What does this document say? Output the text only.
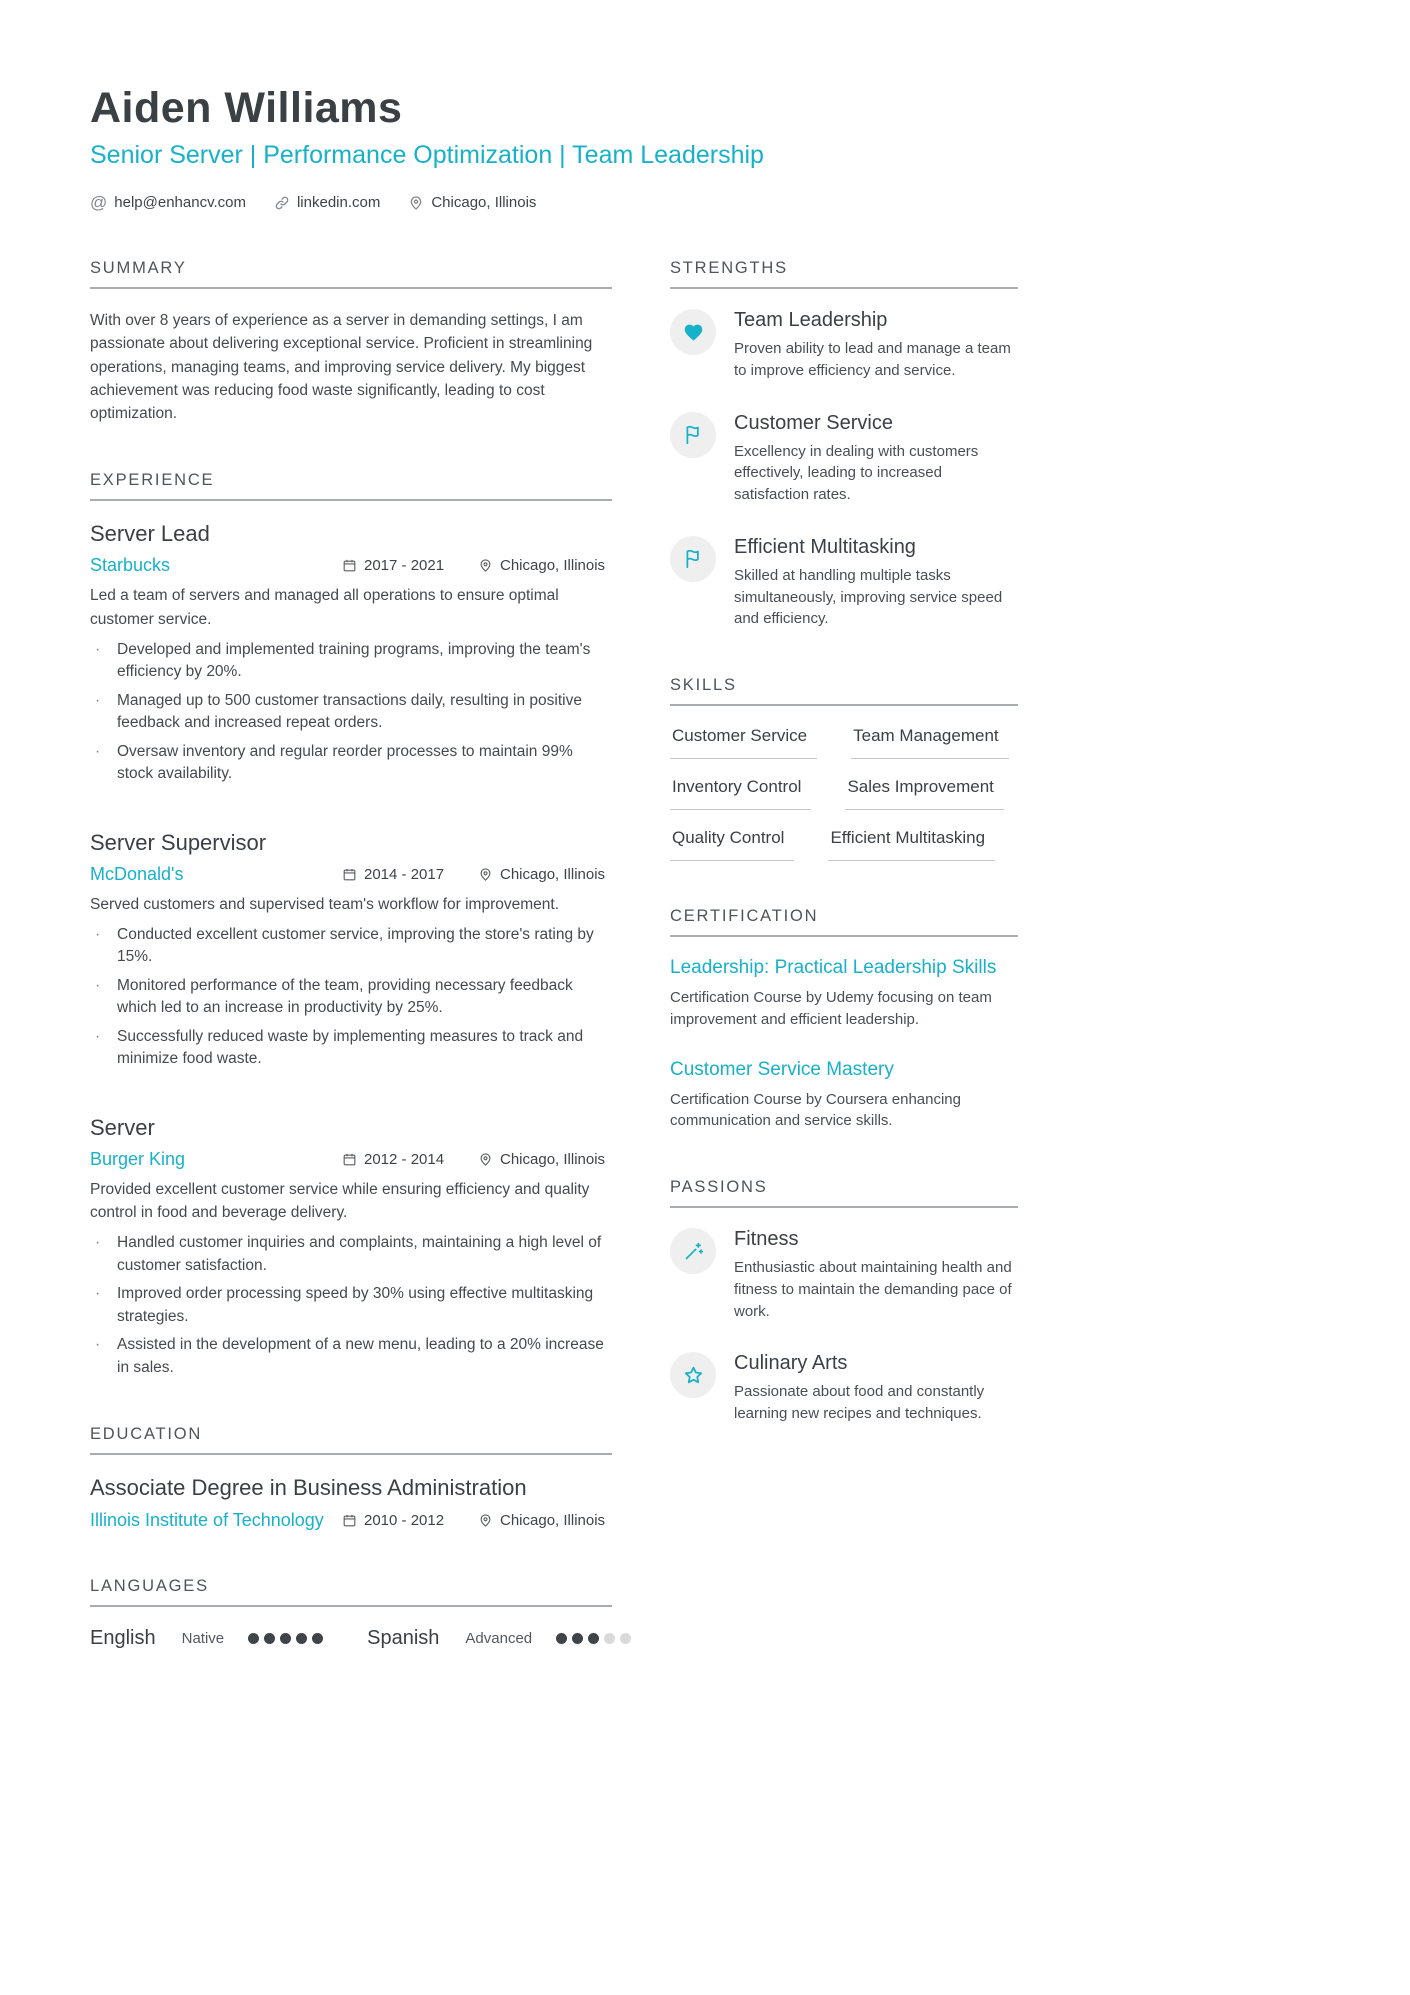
Aiden Williams
Senior Server | Performance Optimization | Team Leadership
@ help@enhancv.com	linkedin.com	Chicago, Illinois
SUMMARY

With over 8 years of experience as a server in demanding settings, I am passionate about delivering exceptional service. Proficient in streamlining operations, managing teams, and improving service delivery. My biggest achievement was reducing food waste significantly, leading to cost optimization.

EXPERIENCE
Server Lead
Starbucks	2017 - 2021	Chicago, Illinois

Led a team of servers and managed all operations to ensure optimal customer service.

· Developed and implemented training programs, improving the team's efficiency by 20%.
· Managed up to 500 customer transactions daily, resulting in positive feedback and increased repeat orders.
· Oversaw inventory and regular reorder processes to maintain 99% stock availability.
Server Supervisor
McDonald's	2014 - 2017	Chicago, Illinois

Served customers and supervised team's workflow for improvement.

· Conducted excellent customer service, improving the store's rating by 15%.
· Monitored performance of the team, providing necessary feedback which led to an increase in productivity by 25%.
· Successfully reduced waste by implementing measures to track and minimize food waste.
Server
Burger King	2012 - 2014	Chicago, Illinois

Provided excellent customer service while ensuring efficiency and quality control in food and beverage delivery.

· Handled customer inquiries and complaints, maintaining a high level of customer satisfaction.
· Improved order processing speed by 30% using effective multitasking strategies.
· Assisted in the development of a new menu, leading to a 20% increase in sales.
EDUCATION
Associate Degree in Business Administration
Illinois Institute of Technology	2010 - 2012	Chicago, Illinois
LANGUAGES
English Native	Spanish Advanced
STRENGTHS
Team Leadership
Proven ability to lead and manage a team to improve efficiency and service.
Customer Service
Excellency in dealing with customers effectively, leading to increased satisfaction rates.
Efficient Multitasking
Skilled at handling multiple tasks simultaneously, improving service speed and efficiency.
SKILLS
Customer Service	Team Management
Inventory Control	Sales Improvement
Quality Control	Efficient Multitasking
CERTIFICATION
Leadership: Practical Leadership Skills
Certification Course by Udemy focusing on team improvement and efficient leadership.
Customer Service Mastery
Certification Course by Coursera enhancing communication and service skills.
PASSIONS
Fitness
Enthusiastic about maintaining health and fitness to maintain the demanding pace of work.
Culinary Arts
Passionate about food and constantly learning new recipes and techniques.
